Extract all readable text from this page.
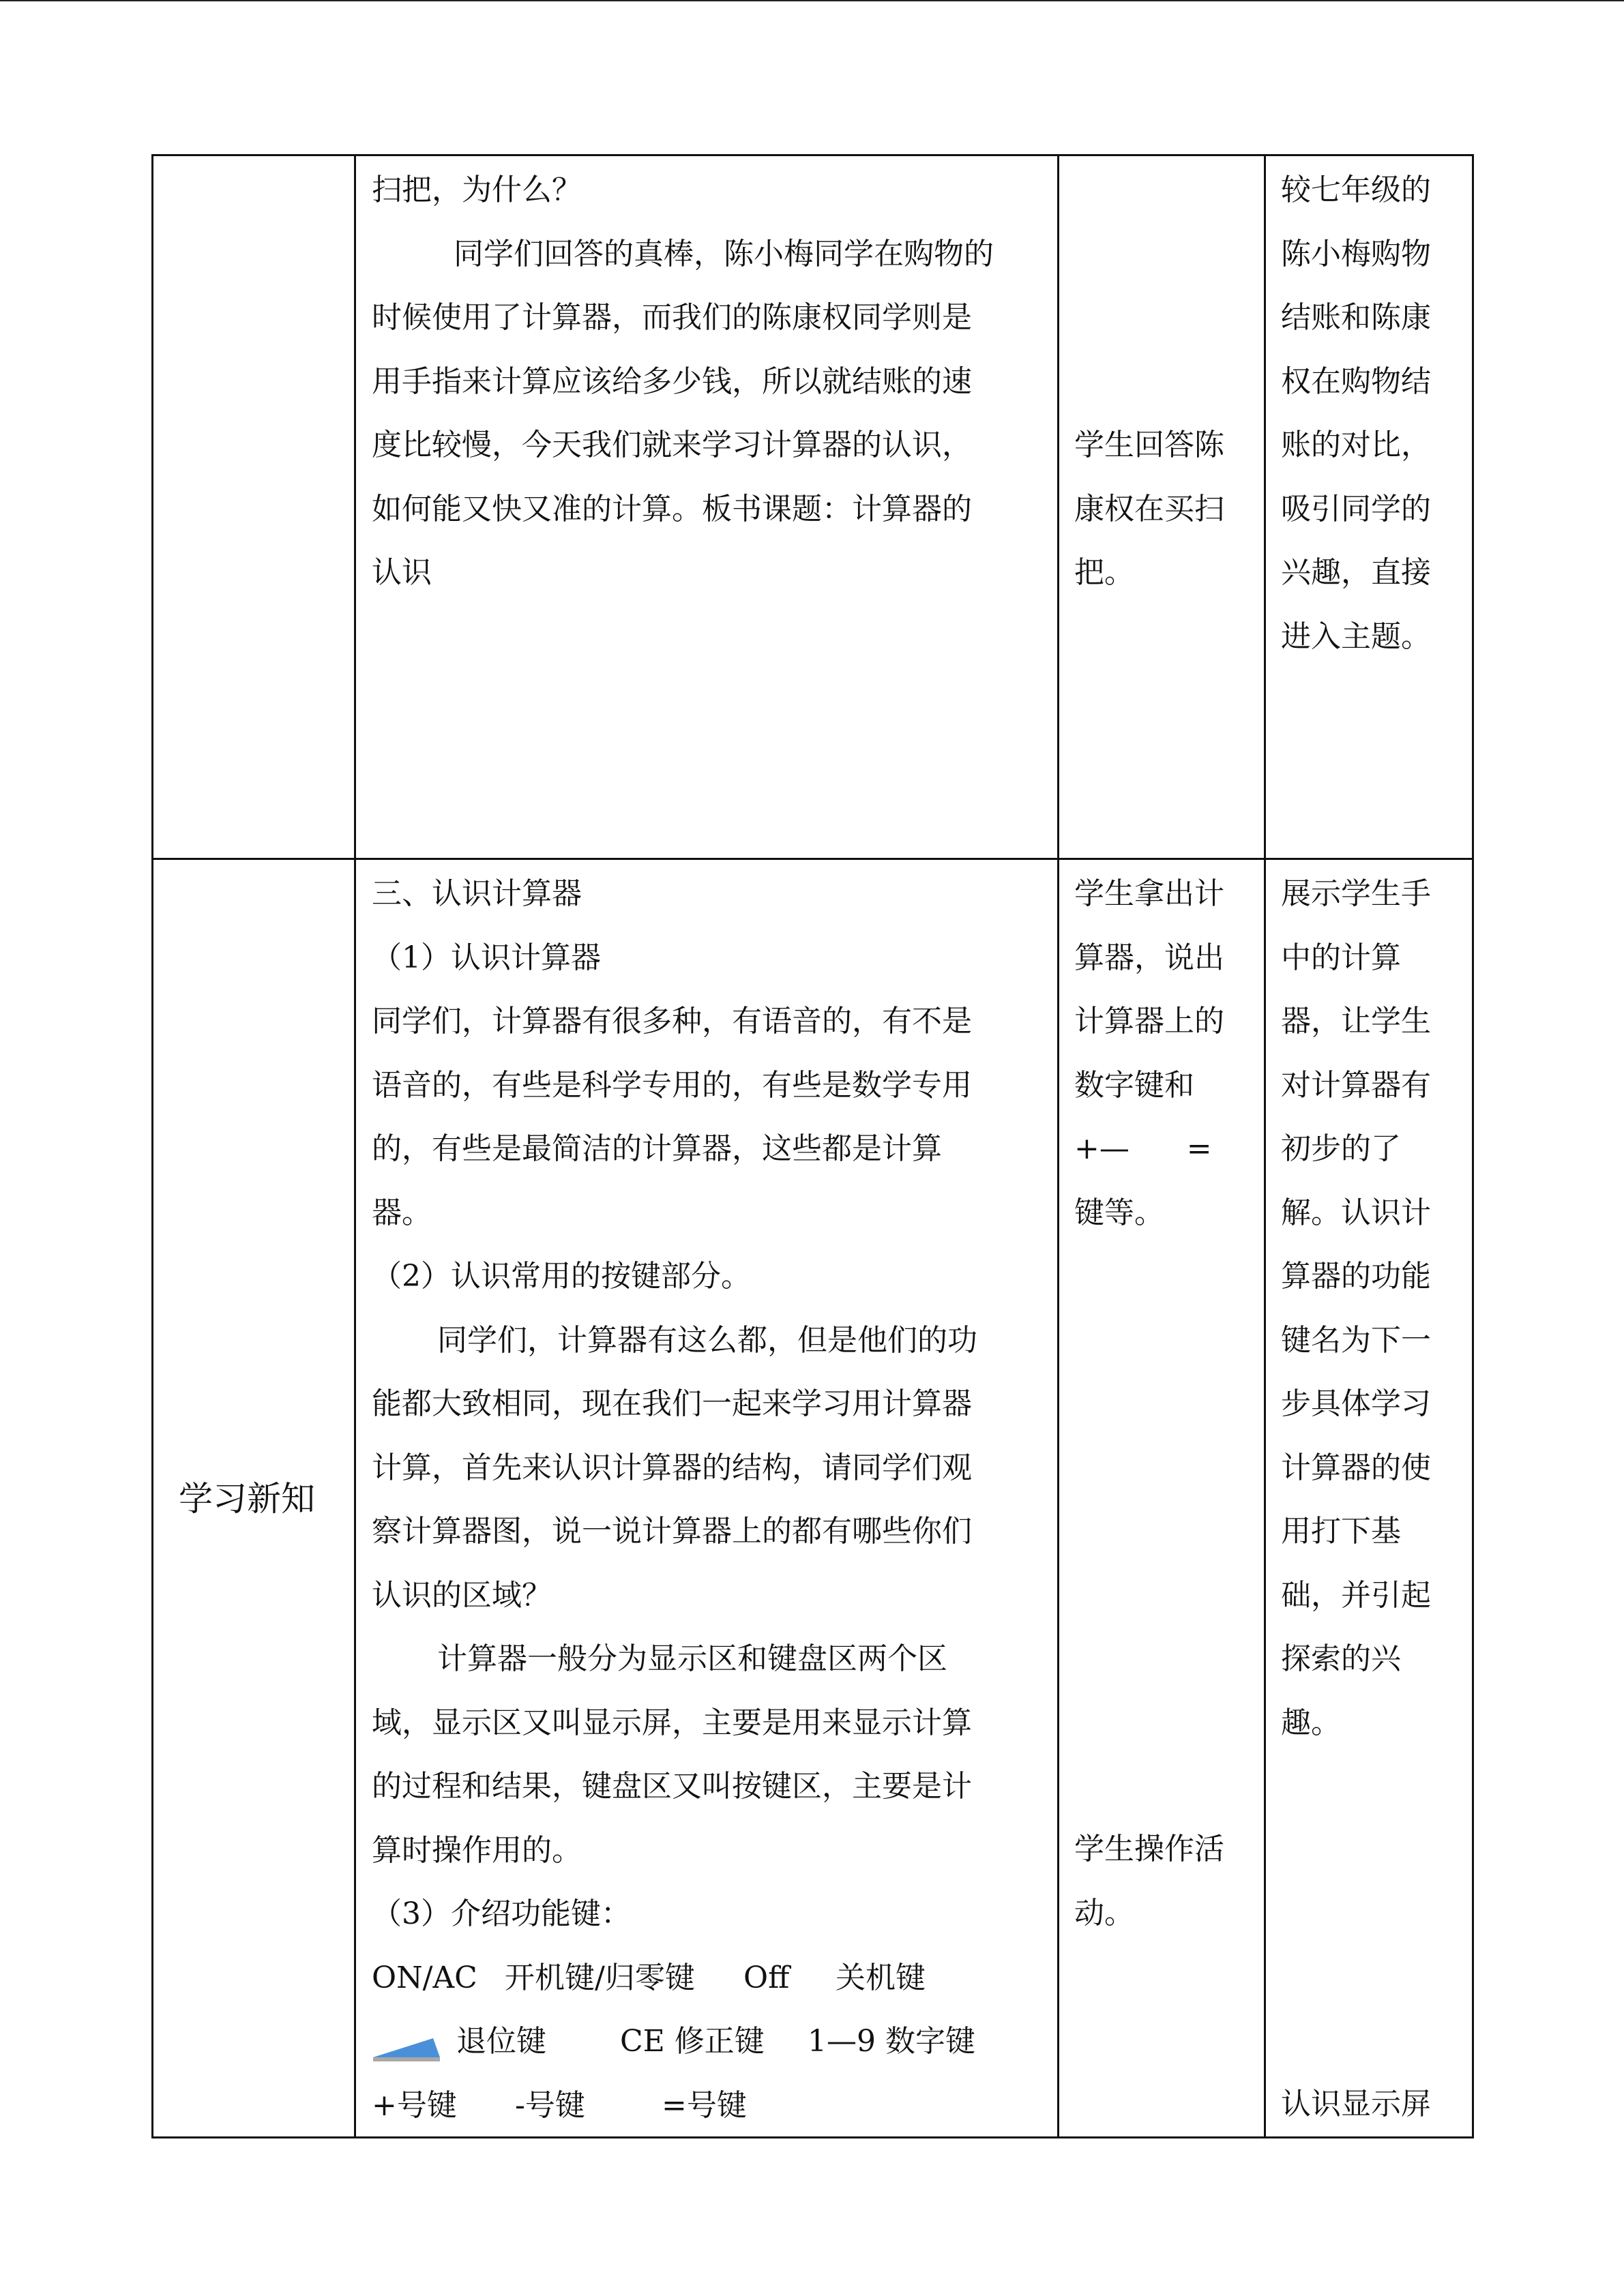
扫把，为什么？
同学们回答的真棒，陈小梅同学在购物的
时候使用了计算器，而我们的陈康权同学则是
用手指来计算应该给多少钱，所以就结账的速
度比较慢，今天我们就来学习计算器的认识，
如何能又快又准的计算。板书课题：计算器的
认识
学生回答陈
康权在买扫
把。
较七年级的
陈小梅购物
结账和陈康
权在购物结
账的对比，
吸引同学的
兴趣，直接
进入主题。
学习新知
三、认识计算器
（1）认识计算器
同学们，计算器有很多种，有语音的，有不是
语音的，有些是科学专用的，有些是数学专用
的，有些是最简洁的计算器，这些都是计算
器。
（2）认识常用的按键部分。
同学们，计算器有这么都，但是他们的功
能都大致相同，现在我们一起来学习用计算器
计算，首先来认识计算器的结构，请同学们观
察计算器图，说一说计算器上的都有哪些你们
认识的区域？
计算器一般分为显示区和键盘区两个区
域，显示区又叫显示屏，主要是用来显示计算
的过程和结果，键盘区又叫按键区，主要是计
算时操作用的。
（3）介绍功能键：
ON/AC 开机键/归零键 Off 关机键
退位键 CE 修正键 1—9 数字键
+号键 -号键	=号键
学生拿出计
算器，说出
计算器上的
数字键和
+—      =
键等。
学生操作活
动。
展示学生手
中的计算
器，让学生
对计算器有
初步的了
解。认识计
算器的功能
键名为下一
步具体学习
计算器的使
用打下基
础，并引起
探索的兴
趣。
认识显示屏
